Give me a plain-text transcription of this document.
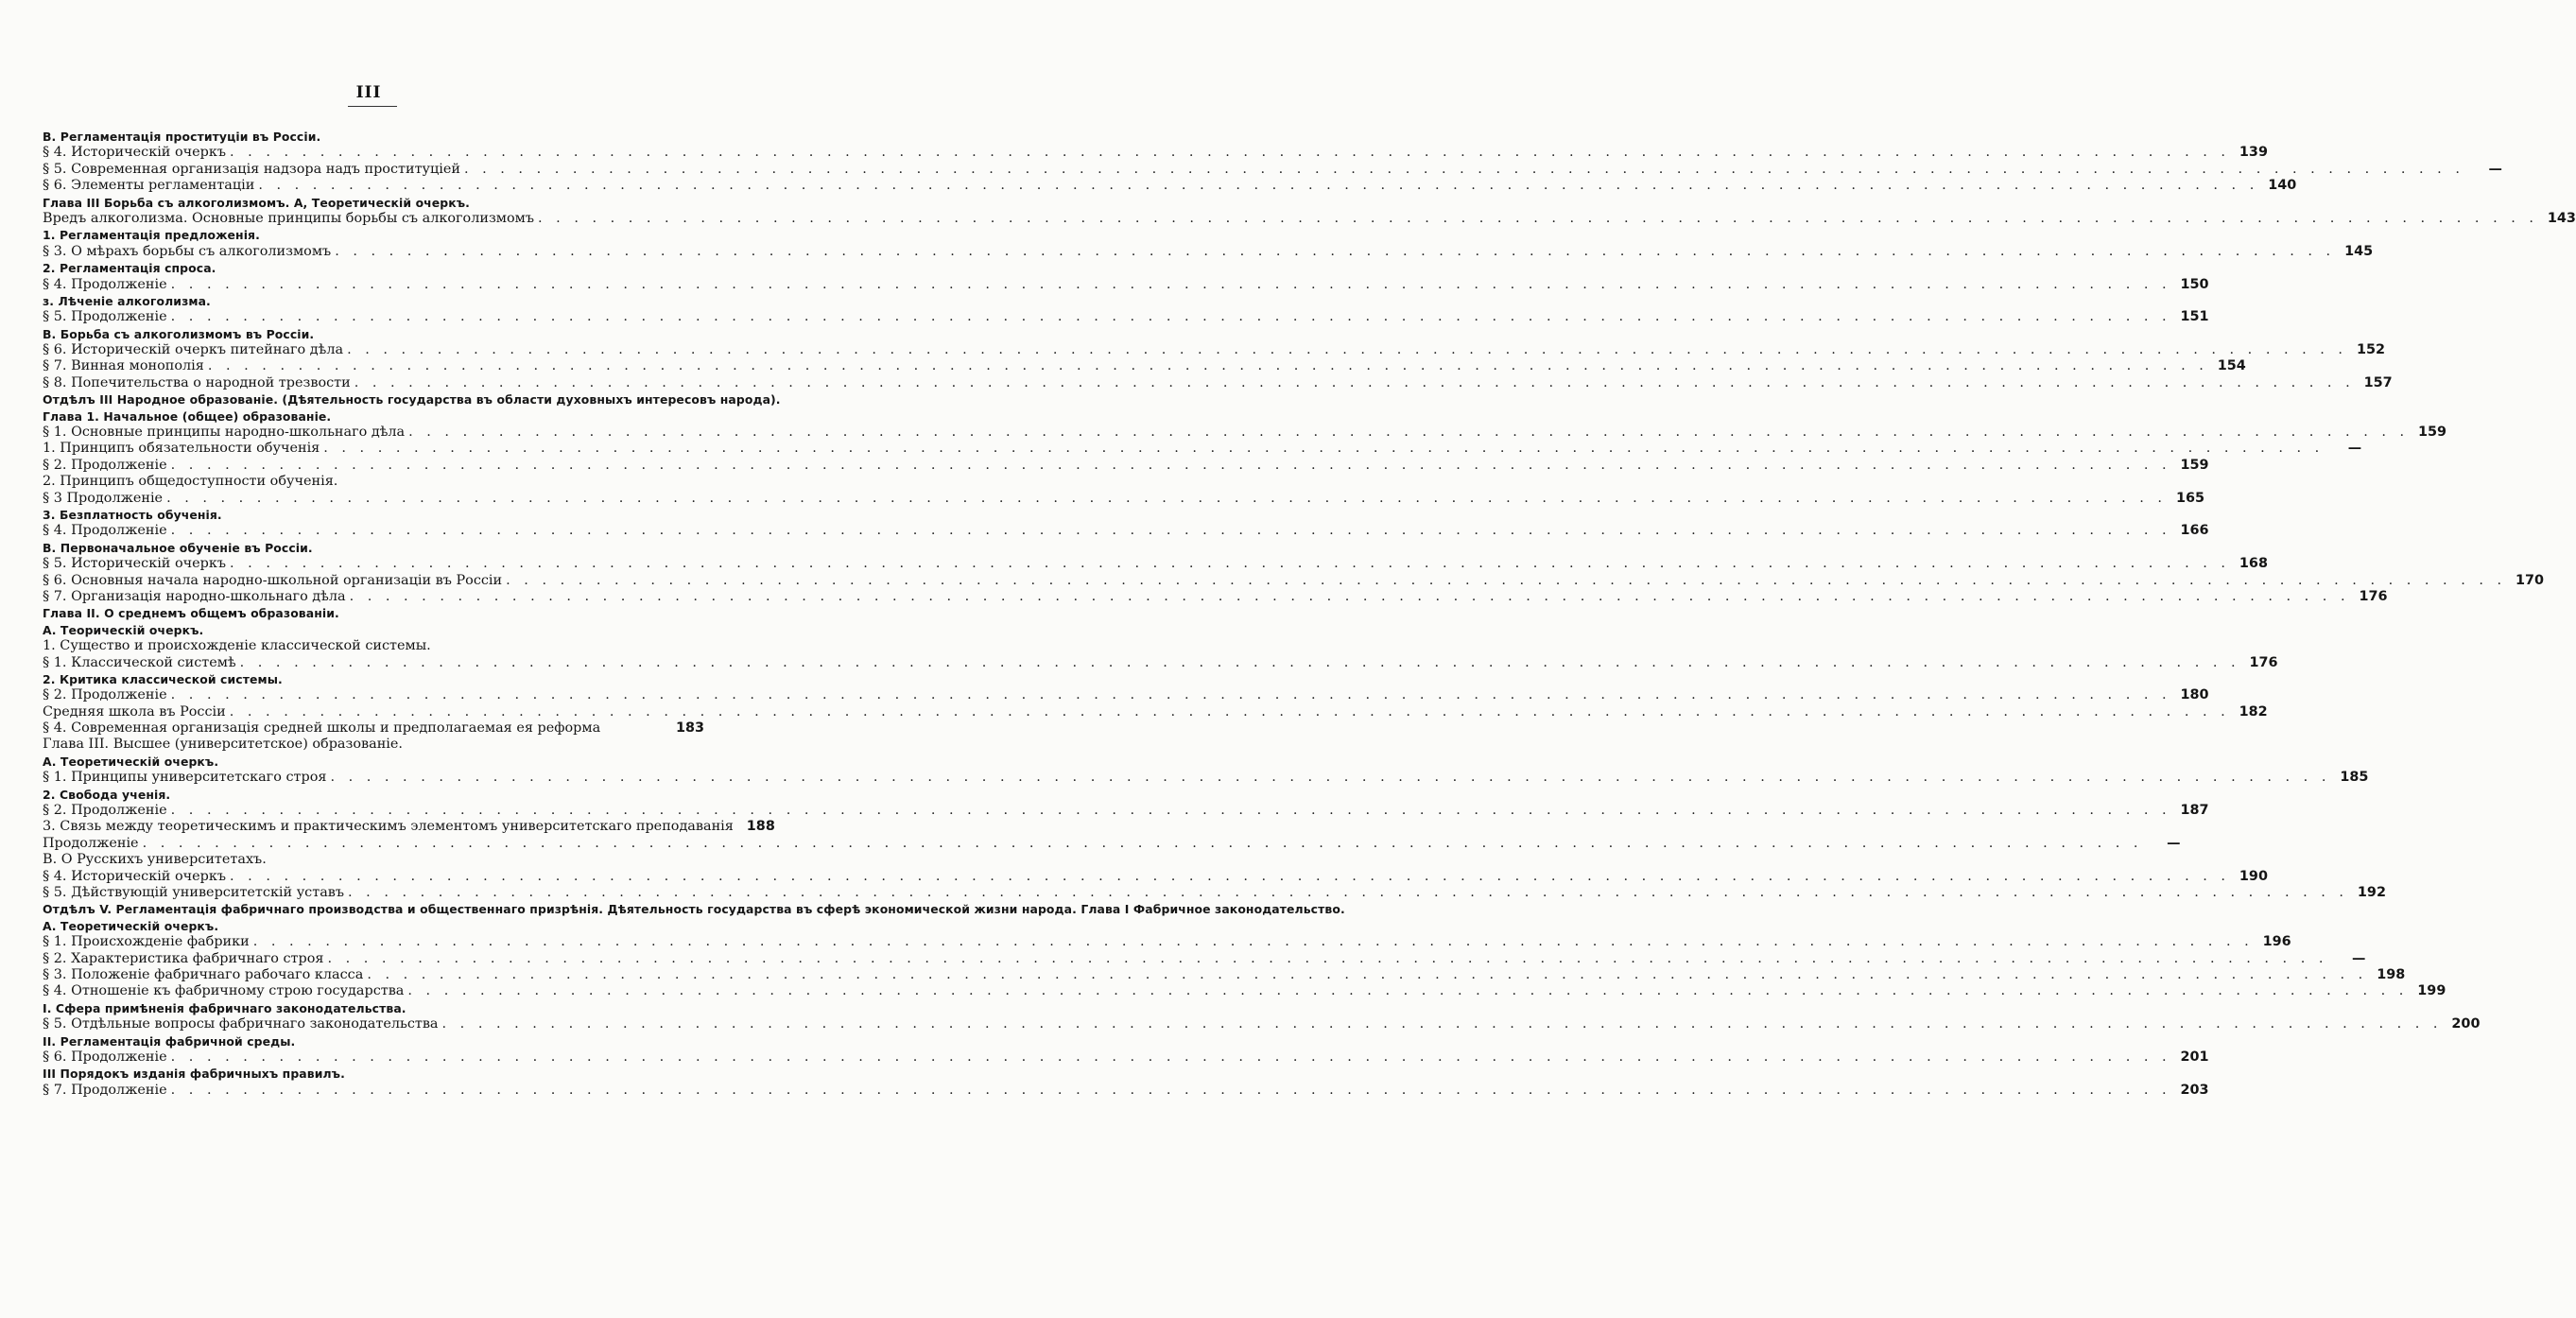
III
В. Регламентація проституціи въ Россіи.
§ 4. Историческій очеркъ . . .	139
§ 5. Современная организація надзора надъ проституціей . . .	—
§ 6. Элементы регламентаціи . . .	140
Глава III Борьба съ алкоголизмомъ. А, Теоретическій очеркъ.
Вредъ алкоголизма. Основные принципы борьбы съ алкоголизмомъ . . .	143
1. Регламентація предложенія.
§ 3. О мѣрахъ борьбы съ алкоголизмомъ . . .	145
2. Регламентація спроса.
§ 4. Продолженіе . . .	150
з. Лѣченіе алкоголизма.
§ 5. Продолженіе . . .	151
В. Борьба съ алкоголизмомъ въ Россіи.
§ 6. Историческій очеркъ питейнаго дѣла . . .	152
§ 7. Винная монополія . . .	154
§ 8. Попечительства о народной трезвости . . .	157
Отдѣлъ III Народное образованіе. (Дѣятельность государства въ области духовныхъ интересовъ народа).
Глава 1. Начальное (общее) образованіе.
§ 1. Основные принципы народно-школьнаго дѣла . . .	159
1. Принципъ обязательности обученія . . .	—
§ 2. Продолженіе . . .	159
2. Принципъ общедоступности обученія.
§ 3 Продолженіе . . .	165
3. Безплатность обученія.
§ 4. Продолженіе . . .	166
В. Первоначальное обученіе въ Россіи.
§ 5. Историческій очеркъ . . .	168
§ 6. Основныя начала народно-школьной организаціи въ Россіи . . .	170
§ 7. Организація народно-школьнаго дѣла . . .	176
Глава II. О среднемъ общемъ образованіи.
А. Теорическій очеркъ.
1. Существо и происхожденіе классической системы.
§ 1. Классической системѣ . . .	176
2. Критика классической системы.
§ 2. Продолженіе . . .	180
Средняя школа въ Россіи . . .	182
§ 4. Современная организація средней школы и предполагаемая ея реформа	183
Глава III. Высшее (университетское) образованіе.
А. Теоретическій очеркъ.
§ 1. Принципы университетскаго строя . . .	185
2. Свобода ученія.
§ 2. Продолженіе . . .	187
3. Связь между теоретическимъ и практическимъ элементомъ университетскаго преподаванія 188
Продолженіе . . .	—
В. О Русскихъ университетахъ.
§ 4. Историческій очеркъ . . .	190
§ 5. Дѣйствующій университетскій уставъ . . .	192
Отдѣлъ V. Регламентація фабричнаго производства и общественнаго призрѣнія. Дѣятельность государства въ сферѣ экономической жизни народа. Глава I Фабричное законодательство.
А. Теоретическій очеркъ.
§ 1. Происхожденіе фабрики . . .	196
§ 2. Характеристика фабричнаго строя . . .	—
§ 3. Положеніе фабричнаго рабочаго класса . . .	198
§ 4. Отношеніе къ фабричному строю государства . . .	199
I. Сфера примѣненія фабричнаго законодательства.
§ 5. Отдѣльные вопросы фабричнаго законодательства . . .	200
II. Регламентація фабричной среды.
§ 6. Продолженіе . . .	201
III Порядокъ изданія фабричныхъ правилъ.
§ 7. Продолженіе . . .	203
